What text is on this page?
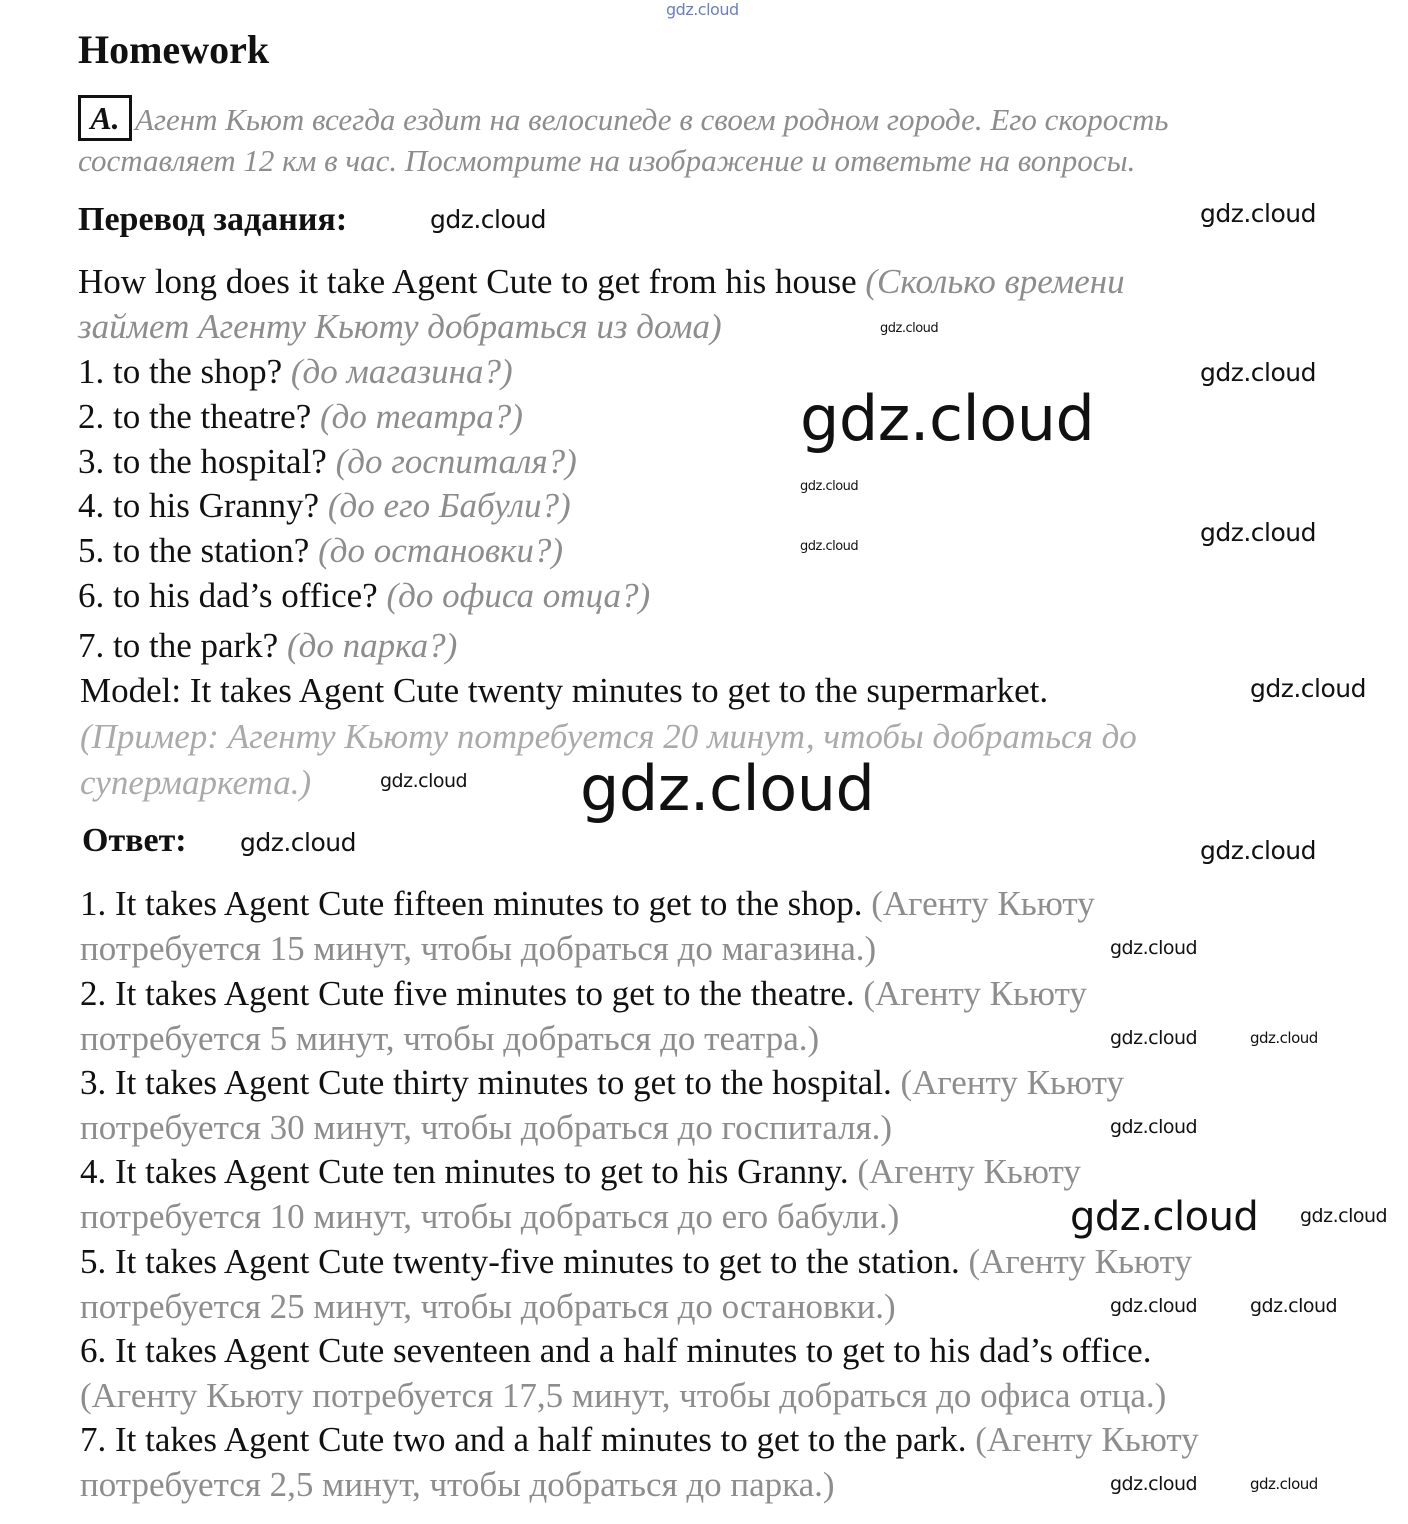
Homework
A. Агент Кьют всегда ездит на велосипеде в своем родном городе. Его скорость
составляет 12 км в час. Посмотрите на изображение и ответьте на вопросы.
Перевод задания:
How long does it take Agent Cute to get from his house (Сколько времени
займет Агенту Кьюту добраться из дома)
1. to the shop? (до магазина?)
2. to the theatre? (до театра?)
3. to the hospital? (до госпиталя?)
4. to his Granny? (до его Бабули?)
5. to the station? (до остановки?)
6. to his dad’s office? (до офиса отца?)
7. to the park? (до парка?)
Model: It takes Agent Cute twenty minutes to get to the supermarket.
(Пример: Агенту Кьюту потребуется 20 минут, чтобы добраться до
супермаркета.)
Ответ:
1. It takes Agent Cute fifteen minutes to get to the shop. (Агенту Кьюту
потребуется 15 минут, чтобы добраться до магазина.)
2. It takes Agent Cute five minutes to get to the theatre. (Агенту Кьюту
потребуется 5 минут, чтобы добраться до театра.)
3. It takes Agent Cute thirty minutes to get to the hospital. (Агенту Кьюту
потребуется 30 минут, чтобы добраться до госпиталя.)
4. It takes Agent Cute ten minutes to get to his Granny. (Агенту Кьюту
потребуется 10 минут, чтобы добраться до его бабули.)
5. It takes Agent Cute twenty-five minutes to get to the station. (Агенту Кьюту
потребуется 25 минут, чтобы добраться до остановки.)
6. It takes Agent Cute seventeen and a half minutes to get to his dad’s office.
(Агенту Кьюту потребуется 17,5 минут, чтобы добраться до офиса отца.)
7. It takes Agent Cute two and a half minutes to get to the park. (Агенту Кьюту
потребуется 2,5 минут, чтобы добраться до парка.)
gdz.cloud
gdz.cloud	gdz.cloud
gdz.cloud
gdz.cloud
gdz.cloud
gdz.cloud
gdz.cloud	gdz.cloud
gdz.cloud
gdz.cloud gdz.cloud
gdz.cloud
gdz.cloud
gdz.cloud
gdz.cloud
gdz.cloud
gdz.cloud
gdz.cloud
gdz.cloud
gdz.cloud
gdz.cloud
gdz.cloud
gdz.cloud
